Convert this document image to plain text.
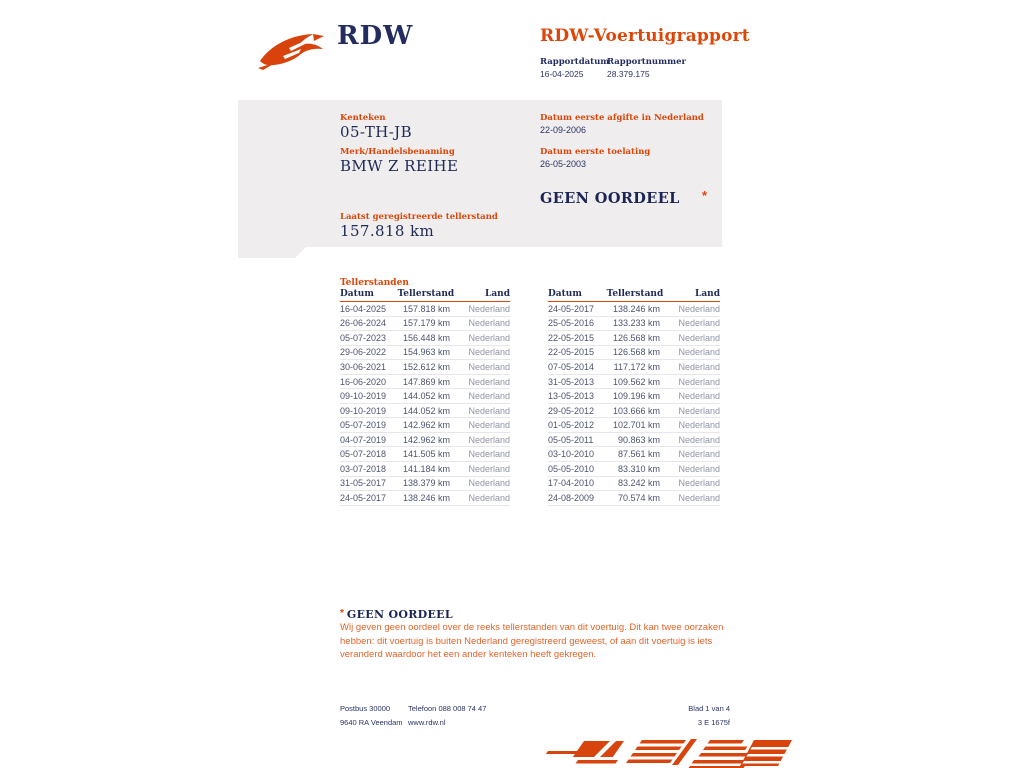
RDW	RDW-Voertuigrapport
Rapportdatum
16-04-2025
Rapportnummer
28.379.175
Kenteken
05-TH-JB
Merk/Handelsbenaming
BMW Z REIHE
Laatst geregistreerde tellerstand
157.818 km
Datum eerste afgifte in Nederland
22-09-2006
Datum eerste toelating
26-05-2003
GEEN OORDEEL *
Tellerstanden
Datum	Tellerstand	Land
16-04-2025	157.818 km	Nederland
26-06-2024	157.179 km	Nederland
05-07-2023	156.448 km	Nederland
29-06-2022	154.963 km	Nederland
30-06-2021	152.612 km	Nederland
16-06-2020	147.869 km	Nederland
09-10-2019	144.052 km	Nederland
09-10-2019	144.052 km	Nederland
05-07-2019	142.962 km	Nederland
04-07-2019	142.962 km	Nederland
05-07-2018	141.505 km	Nederland
03-07-2018	141.184 km	Nederland
31-05-2017	138.379 km	Nederland
24-05-2017	138.246 km	Nederland
Datum	Tellerstand	Land
24-05-2017	138.246 km	Nederland
25-05-2016	133.233 km	Nederland
22-05-2015	126.568 km	Nederland
22-05-2015	126.568 km	Nederland
07-05-2014	117.172 km	Nederland
31-05-2013	109.562 km	Nederland
13-05-2013	109.196 km	Nederland
29-05-2012	103.666 km	Nederland
01-05-2012	102.701 km	Nederland
05-05-2011	90.863 km	Nederland
03-10-2010	87.561 km	Nederland
05-05-2010	83.310 km	Nederland
17-04-2010	83.242 km	Nederland
24-08-2009	70.574 km	Nederland
* GEEN OORDEEL
Wij geven geen oordeel over de reeks tellerstanden van dit voertuig. Dit kan twee oorzaken hebben: dit voertuig is buiten Nederland geregistreerd geweest, of aan dit voertuig is iets veranderd waardoor het een ander kenteken heeft gekregen.
Postbus 30000
9640 RA Veendam
Telefoon 088 008 74 47
www.rdw.nl
Blad 1 van 4
3 E 1675f
